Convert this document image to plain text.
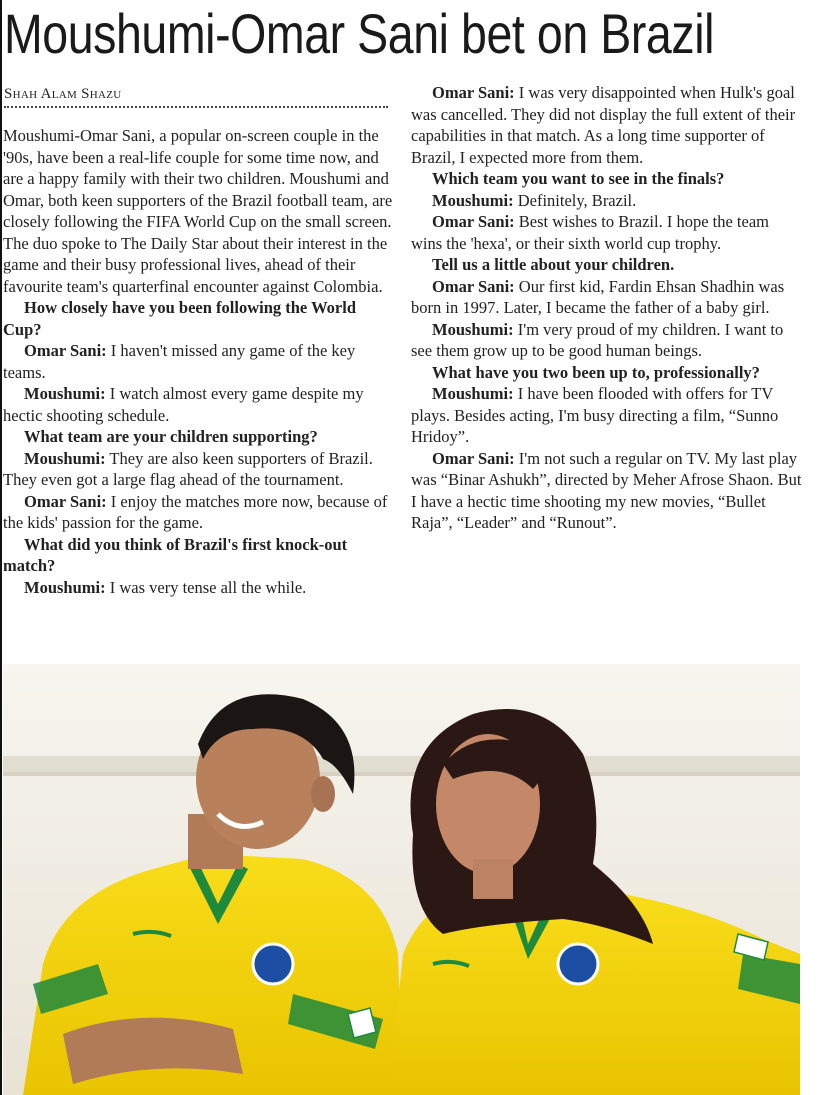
Moushumi-Omar Sani bet on Brazil
Shah Alam Shazu

Moushumi-Omar Sani, a popular on-screen couple in the '90s, have been a real-life couple for some time now, and are a happy family with their two children. Moushumi and Omar, both keen supporters of the Brazil football team, are closely following the FIFA World Cup on the small screen. The duo spoke to The Daily Star about their interest in the game and their busy professional lives, ahead of their favourite team's quarterfinal encounter against Colombia.

How closely have you been following the World Cup?

Omar Sani: I haven't missed any game of the key teams.

Moushumi: I watch almost every game despite my hectic shooting schedule.

What team are your children supporting?

Moushumi: They are also keen supporters of Brazil. They even got a large flag ahead of the tournament.

Omar Sani: I enjoy the matches more now, because of the kids' passion for the game.

What did you think of Brazil's first knock-out match?

Moushumi: I was very tense all the while.

Omar Sani: I was very disappointed when Hulk's goal was cancelled. They did not display the full extent of their capabilities in that match. As a long time supporter of Brazil, I expected more from them.

Which team you want to see in the finals?

Moushumi: Definitely, Brazil.

Omar Sani: Best wishes to Brazil. I hope the team wins the 'hexa', or their sixth world cup trophy.

Tell us a little about your children.

Omar Sani: Our first kid, Fardin Ehsan Shadhin was born in 1997. Later, I became the father of a baby girl.

Moushumi: I'm very proud of my children. I want to see them grow up to be good human beings.

What have you two been up to, professionally?

Moushumi: I have been flooded with offers for TV plays. Besides acting, I'm busy directing a film, “Sunno Hridoy”.

Omar Sani: I'm not such a regular on TV. My last play was “Binar Ashukh”, directed by Meher Afrose Shaon. But I have a hectic time shooting my new movies, “Bullet Raja”, “Leader” and “Runout”.
